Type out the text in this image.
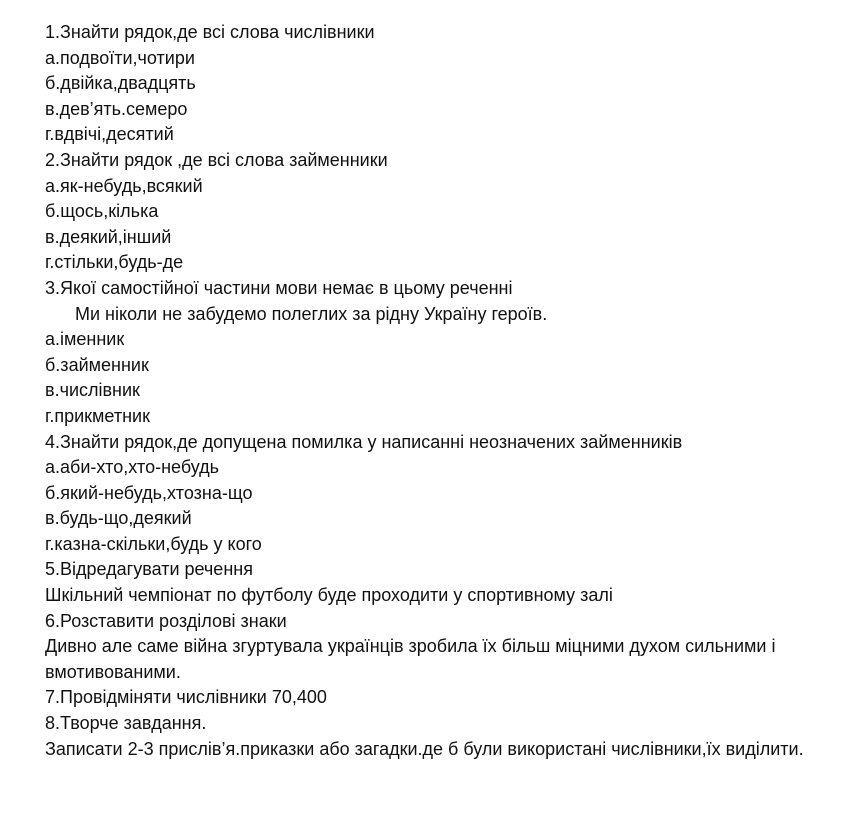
1.Знайти рядок,де всі слова числівники

а.подвоїти,чотири

б.двійка,двадцять

в.дев’ять.семеро

г.вдвічі,десятий

2.Знайти рядок ,де всі слова займенники

а.як-небудь,всякий

б.щось,кілька

в.деякий,інший

г.стільки,будь-де

3.Якої самостійної частини мови немає в цьому реченні

Ми ніколи не забудемо полеглих за рідну Україну героїв.

а.іменник

б.займенник

в.числівник

г.прикметник

4.Знайти рядок,де допущена помилка у написанні неозначених займенників

а.аби-хто,хто-небудь

б.який-небудь,хтозна-що

в.будь-що,деякий

г.казна-скільки,будь у кого

5.Відредагувати речення

Шкільний чемпіонат по футболу буде проходити у спортивному залі

6.Розставити розділові знаки

Дивно але саме війна згуртувала українців зробила їх більш міцними духом сильними і вмотивованими.

7.Провідміняти числівники 70,400

8.Творче завдання.

Записати 2-3 прислів’я.приказки або загадки.де б були використані числівники,їх виділити.
